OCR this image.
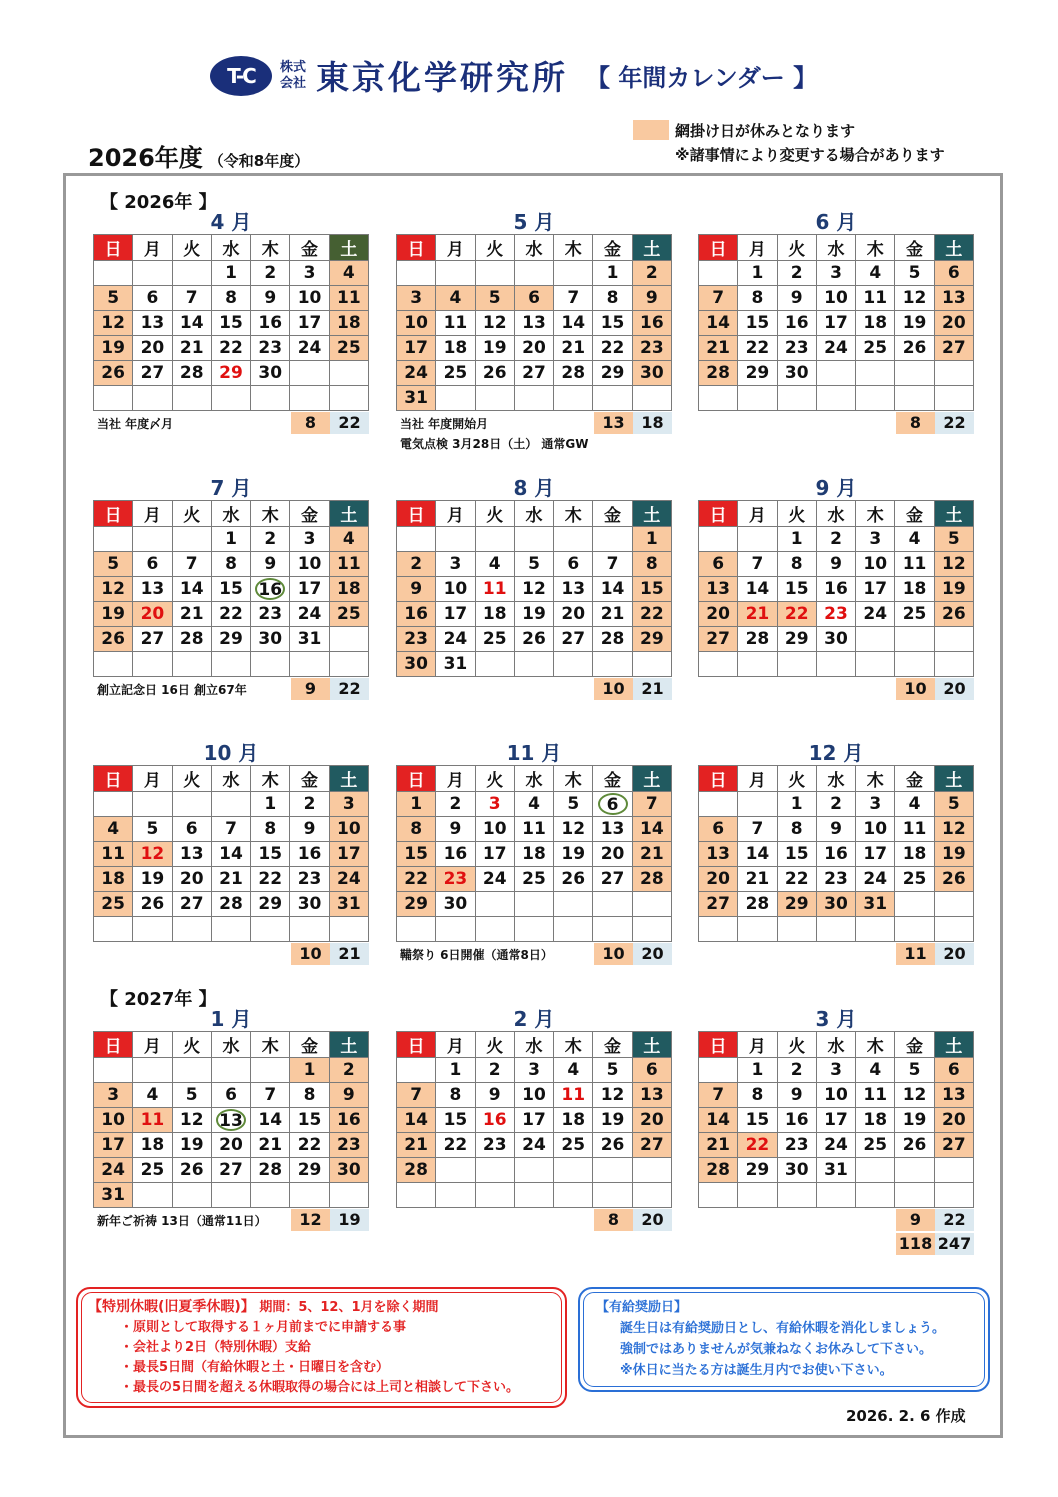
T-C 株式会社 東京化学研究所 【 年間カレンダー 】
2026年度 （令和8年度）
網掛け日が休みとなります
※諸事情により変更する場合があります
【 2026年 】
【 2027年 】
4 月
日	月	火	水	木	金	土
			1	2	3	4
5	6	7	8	9	10	11
12	13	14	15	16	17	18
19	20	21	22	23	24	25
26	27	28	29	30		

当社 年度〆月	8	22
5 月
日	月	火	水	木	金	土
					1	2
3	4	5	6	7	8	9
10	11	12	13	14	15	16
17	18	19	20	21	22	23
24	25	26	27	28	29	30
31						
当社 年度開始月	13	18
電気点検 3月28日（土） 通常GW
6 月
日	月	火	水	木	金	土
	1	2	3	4	5	6
7	8	9	10	11	12	13
14	15	16	17	18	19	20
21	22	23	24	25	26	27
28	29	30				

8	22
7 月
日	月	火	水	木	金	土
			1	2	3	4
5	6	7	8	9	10	11
12	13	14	15	16	17	18
19	20	21	22	23	24	25
26	27	28	29	30	31	

創立記念日 16日 創立67年	9	22
8 月
日	月	火	水	木	金	土
						1
2	3	4	5	6	7	8
9	10	11	12	13	14	15
16	17	18	19	20	21	22
23	24	25	26	27	28	29
30	31					
10	21
9 月
日	月	火	水	木	金	土
		1	2	3	4	5
6	7	8	9	10	11	12
13	14	15	16	17	18	19
20	21	22	23	24	25	26
27	28	29	30			

10	20
10 月
日	月	火	水	木	金	土
				1	2	3
4	5	6	7	8	9	10
11	12	13	14	15	16	17
18	19	20	21	22	23	24
25	26	27	28	29	30	31

10	21
11 月
日	月	火	水	木	金	土
1	2	3	4	5	6	7
8	9	10	11	12	13	14
15	16	17	18	19	20	21
22	23	24	25	26	27	28
29	30					

鞴祭り 6日開催（通常8日）	10	20
12 月
日	月	火	水	木	金	土
		1	2	3	4	5
6	7	8	9	10	11	12
13	14	15	16	17	18	19
20	21	22	23	24	25	26
27	28	29	30	31		

11	20
1 月
日	月	火	水	木	金	土
					1	2
3	4	5	6	7	8	9
10	11	12	13	14	15	16
17	18	19	20	21	22	23
24	25	26	27	28	29	30
31						
新年ご祈祷 13日（通常11日）	12	19
2 月
日	月	火	水	木	金	土
	1	2	3	4	5	6
7	8	9	10	11	12	13
14	15	16	17	18	19	20
21	22	23	24	25	26	27
28						

8	20
3 月
日	月	火	水	木	金	土
	1	2	3	4	5	6
7	8	9	10	11	12	13
14	15	16	17	18	19	20
21	22	23	24	25	26	27
28	29	30	31			

9	22
118 247
【特別休暇(旧夏季休暇)】 期間：5、12、1月を除く期間
・原則として取得する１ヶ月前までに申請する事
・会社より2日（特別休暇）支給
・最長5日間（有給休暇と土・日曜日を含む）
・最長の5日間を超える休暇取得の場合には上司と相談して下さい。
【有給奨励日】
誕生日は有給奨励日とし、有給休暇を消化しましょう。
強制ではありませんが気兼ねなくお休みして下さい。
※休日に当たる方は誕生月内でお使い下さい。
2026. 2. 6 作成
